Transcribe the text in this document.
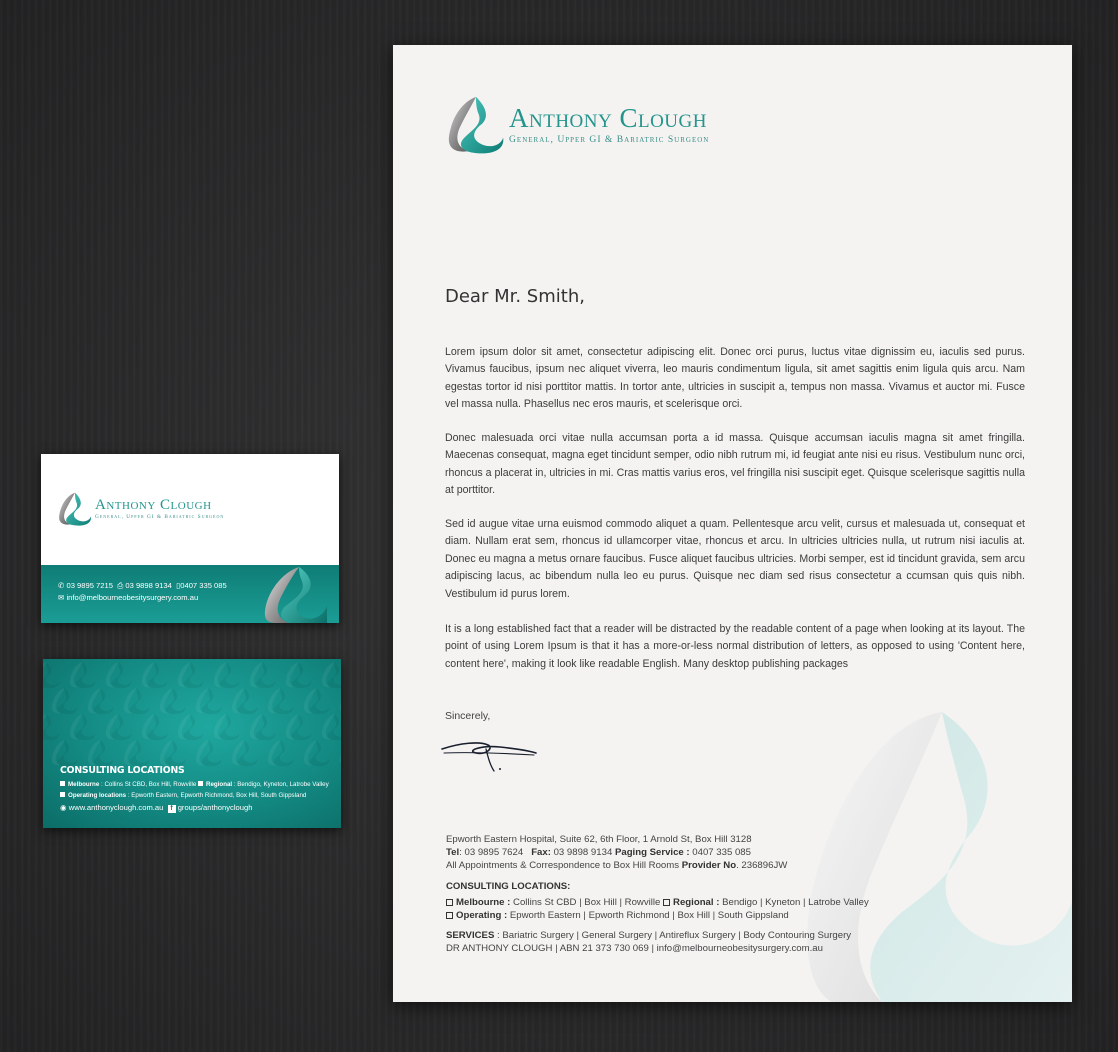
Anthony Clough
General, Upper GI & Bariatric Surgeon
✆ 03 9895 7215 ⎙ 03 9898 9134 ▯0407 335 085
✉ info@melbourneobesitysurgery.com.au
CONSULTING LOCATIONS
Melbourne : Collins St CBD, Box Hill, Rowville Regional : Bendigo, Kyneton, Latrobe Valley
Operating locations : Epworth Eastern, Epworth Richmond, Box Hill, South Gippsland
◉ www.anthonyclough.com.au f groups/anthonyclough
Anthony Clough
General, Upper GI & Bariatric Surgeon
Dear Mr. Smith,

Lorem ipsum dolor sit amet, consectetur adipiscing elit. Donec orci purus, luctus vitae dignissim eu, iaculis sed purus. Vivamus faucibus, ipsum nec aliquet viverra, leo mauris condimentum ligula, sit amet sagittis enim ligula quis arcu. Nam egestas tortor id nisi porttitor mattis. In tortor ante, ultricies in suscipit a, tempus non massa. Vivamus et auctor mi. Fusce vel massa nulla. Phasellus nec eros mauris, et scelerisque orci.

Donec malesuada orci vitae nulla accumsan porta a id massa. Quisque accumsan iaculis magna sit amet fringilla. Maecenas consequat, magna eget tincidunt semper, odio nibh rutrum mi, id feugiat ante nisi eu risus. Vestibulum nunc orci, rhoncus a placerat in, ultricies in mi. Cras mattis varius eros, vel fringilla nisi suscipit eget. Quisque scelerisque sagittis nulla at porttitor.

Sed id augue vitae urna euismod commodo aliquet a quam. Pellentesque arcu velit, cursus et malesuada ut, consequat et diam. Nullam erat sem, rhoncus id ullamcorper vitae, rhoncus et arcu. In ultricies ultricies nulla, ut rutrum nisi iaculis at. Donec eu magna a metus ornare faucibus. Fusce aliquet faucibus ultricies. Morbi semper, est id tincidunt gravida, sem arcu adipiscing lacus, ac bibendum nulla leo eu purus. Quisque nec diam sed risus consectetur a ccumsan quis quis nibh. Vestibulum id purus lorem.

It is a long established fact that a reader will be distracted by the readable content of a page when looking at its layout. The point of using Lorem Ipsum is that it has a more-or-less normal distribution of letters, as opposed to using 'Content here, content here', making it look like readable English. Many desktop publishing packages

Sincerely,
Epworth Eastern Hospital, Suite 62, 6th Floor, 1 Arnold St, Box Hill 3128
Tel: 03 9895 7624 Fax: 03 9898 9134 Paging Service : 0407 335 085
All Appointments & Correspondence to Box Hill Rooms Provider No. 236896JW
CONSULTING LOCATIONS:
Melbourne : Collins St CBD | Box Hill | Rowville Regional : Bendigo | Kyneton | Latrobe Valley
Operating : Epworth Eastern | Epworth Richmond | Box Hill | South Gippsland
SERVICES : Bariatric Surgery | General Surgery | Antireflux Surgery | Body Contouring Surgery
DR ANTHONY CLOUGH | ABN 21 373 730 069 | info@melbourneobesitysurgery.com.au
